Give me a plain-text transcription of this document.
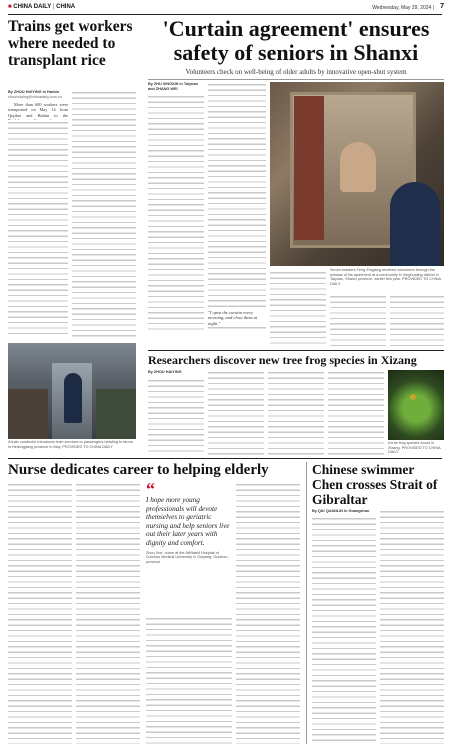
■ CHINA DAILY | CHINA	Wednesday, May 29, 2024 | 7
Trains get workers where needed to transplant rice
By ZHOU HUIYING in Harbin
zhouhuiying@chinadaily.com.cn

More than 600 workers were transported on May 14 from Qiqihar and Hailun to the

'Curtain agreement' ensures safety of seniors in Shanxi
Volunteers check on well-being of older adults by innovative open-shut system
By ZHU XINGXIN in Taiyuan and ZHANG WEI
Senior resident Feng Zhigiang receives volunteers through the window of his apartment at a community in Xinghualing district in Taiyuan, Shanxi province, earlier this year. PROVIDED TO CHINA DAILY
A train conductor introduces train services to passengers heading to farms in Heilongjiang province in May. PROVIDED TO CHINA DAILY
Researchers discover new tree frog species in Xizang
By ZHOU HAIYING
A tree frog species found in Xizang. PROVIDED TO CHINA DAILY
Nurse dedicates career to helping elderly
“
I hope more young professionals will devote themselves to geriatric nursing and help seniors live out their later years with dignity and comfort.
Zhou Xue, nurse at the Affiliated Hospital of Guizhou Medical University in Guiyang, Guizhou province
Chinese swimmer Chen crosses Strait of Gibraltar
By QIU QUANLIN in Guangzhou
"I open the curtain every morning, and close them at night."
